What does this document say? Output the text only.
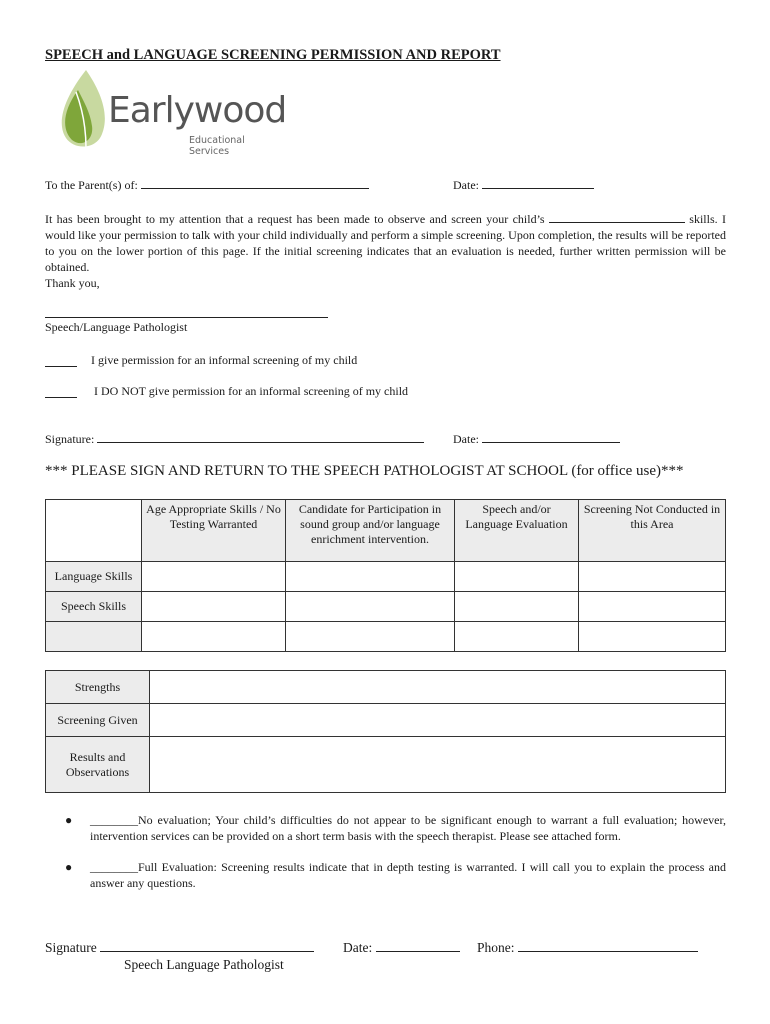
SPEECH and LANGUAGE SCREENING PERMISSION AND REPORT
Earlywood
Educational Services
To the Parent(s) of:	Date:
It has been brought to my attention that a request has been made to observe and screen your child’s	skills. I would like your permission to talk with your child individually and perform a simple screening. Upon completion, the results will be reported to you on the lower portion of this page. If the initial screening indicates that an evaluation is needed, further written permission will be obtained.
Thank you,
Speech/Language Pathologist
I give permission for an informal screening of my child
I DO NOT give permission for an informal screening of my child
Signature:	Date:
*** PLEASE SIGN AND RETURN TO THE SPEECH PATHOLOGIST AT SCHOOL (for office use)***
	Age Appropriate Skills / No Testing Warranted	Candidate for Participation in sound group and/or language enrichment intervention.	Speech and/or Language Evaluation	Screening Not Conducted in this Area
Language Skills				
Speech Skills				

Strengths	
Screening Given	
Results and Observations	
● ________No evaluation; Your child’s difficulties do not appear to be significant enough to warrant a full evaluation; however, intervention services can be provided on a short term basis with the speech therapist. Please see attached form.
● ________Full Evaluation: Screening results indicate that in depth testing is warranted. I will call you to explain the process and answer any questions.
Signature	Date:	Phone:
Speech Language Pathologist
